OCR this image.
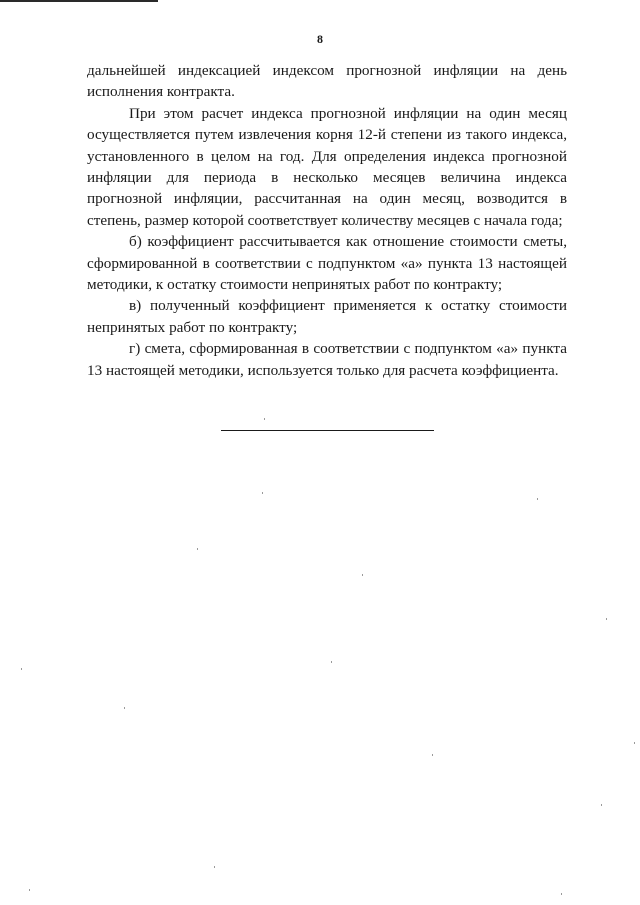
8

дальнейшей индексацией индексом прогнозной инфляции на день исполнения контракта.

При этом расчет индекса прогнозной инфляции на один месяц осуществляется путем извлечения корня 12-й степени из такого индекса, установленного в целом на год. Для определения индекса прогнозной инфляции для периода в несколько месяцев величина индекса прогнозной инфляции, рассчитанная на один месяц, возводится в степень, размер которой соответствует количеству месяцев с начала года;

б) коэффициент рассчитывается как отношение стоимости сметы, сформированной в соответствии с подпунктом «а» пункта 13 настоящей методики, к остатку стоимости непринятых работ по контракту;

в) полученный коэффициент применяется к остатку стоимости непринятых работ по контракту;

г) смета, сформированная в соответствии с подпунктом «а» пункта 13 настоящей методики, используется только для расчета коэффициента.
